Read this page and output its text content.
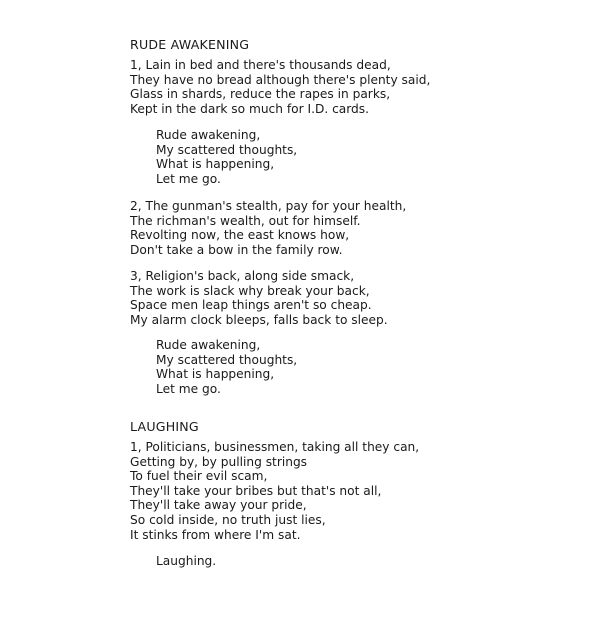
RUDE AWAKENING
1, Lain in bed and there's thousands dead,
They have no bread although there's plenty said,
Glass in shards, reduce the rapes in parks,
Kept in the dark so much for I.D. cards.
Rude awakening,
My scattered thoughts,
What is happening,
Let me go.
2, The gunman's stealth, pay for your health,
The richman's wealth, out for himself.
Revolting now, the east knows how,
Don't take a bow in the family row.
3, Religion's back, along side smack,
The work is slack why break your back,
Space men leap things aren't so cheap.
My alarm clock bleeps, falls back to sleep.
Rude awakening,
My scattered thoughts,
What is happening,
Let me go.
LAUGHING
1, Politicians, businessmen, taking all they can,
Getting by, by pulling strings
To fuel their evil scam,
They'll take your bribes but that's not all,
They'll take away your pride,
So cold inside, no truth just lies,
It stinks from where I'm sat.
Laughing.
